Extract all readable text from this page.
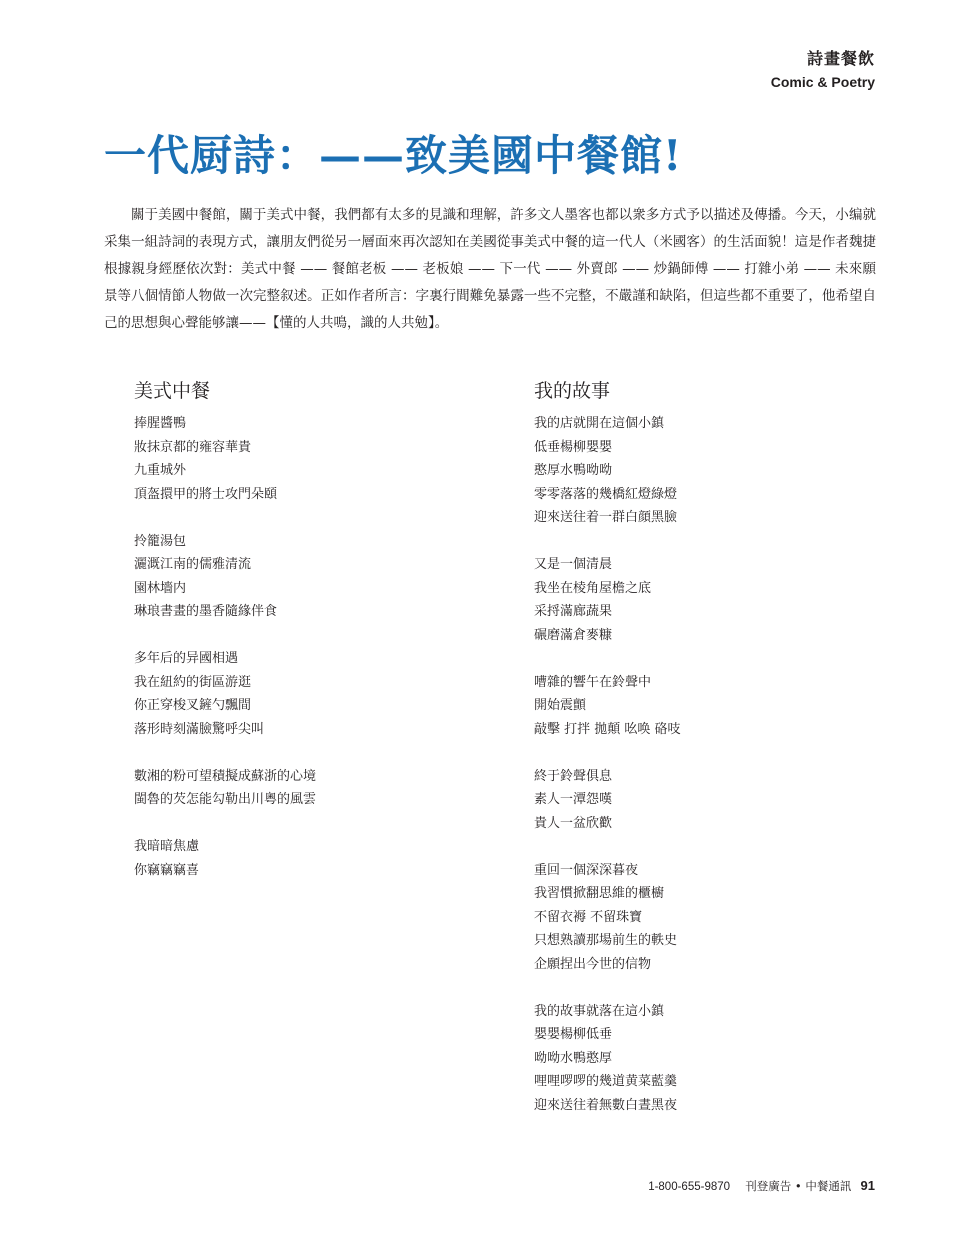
詩畫餐飲
Comic & Poetry
一代厨詩：——致美國中餐館!

關于美國中餐館，關于美式中餐，我們都有太多的見識和理解，許多文人墨客也都以衆多方式予以描述及傳播。今天，小编就采集一組詩詞的表現方式，讓朋友們從另一層面來再次認知在美國從事美式中餐的這一代人（米國客）的生活面貌！這是作者魏捷根據親身經歷依次對：美式中餐 —— 餐館老板 —— 老板娘 —— 下一代 —— 外賣郎 —— 炒鍋師傅 —— 打雜小弟 —— 未來願景等八個情節人物做一次完整叙述。正如作者所言：字裏行間難免暴露一些不完整，不嚴謹和缺陷，但這些都不重要了，他希望自己的思想與心聲能够讓——【懂的人共鳴，識的人共勉】。

美式中餐
捧腥醬鴨
妝抹京都的雍容華貴
九重城外
頂盔擐甲的將士攻門朵頤
拎籠湯包
灑溉江南的儒雅清流
園林墻内
琳琅書畫的墨香隨緣伴食
多年后的异國相遇
我在紐約的街區游逛
你正穿梭叉鏟勺飄間
落形時刻滿臉驚呼尖叫
數湘的粉可望積擬成蘇浙的心境
閩魯的芡怎能勾勒出川粵的風雲
我暗暗焦慮
你竊竊竊喜
我的故事
我的店就開在這個小鎮
低垂楊柳嬰嬰
憨厚水鴨呦呦
零零落落的幾橋紅燈綠燈
迎來送往着一群白顔黑臉
又是一個清晨
我坐在棱角屋檐之底
采捋滿廊蔬果
碾磨滿倉麥糠
嘈雜的響午在鈴聲中
開始震顫
敲擊 打拌 拋顛 吆唤 硌吱
終于鈴聲俱息
素人一潭怨嘆
貴人一盆欣歡
重回一個深深暮夜
我習慣掀翻思維的櫃櫥
不留衣褥 不留珠寶
只想熟讀那場前生的軼史
企願捏出今世的信物
我的故事就落在這小鎮
嬰嬰楊柳低垂
呦呦水鴨憨厚
哩哩啰啰的幾道黄菜藍羹
迎來送往着無數白晝黑夜
1-800-655-9870 刊登廣告 • 中餐通訊 91
